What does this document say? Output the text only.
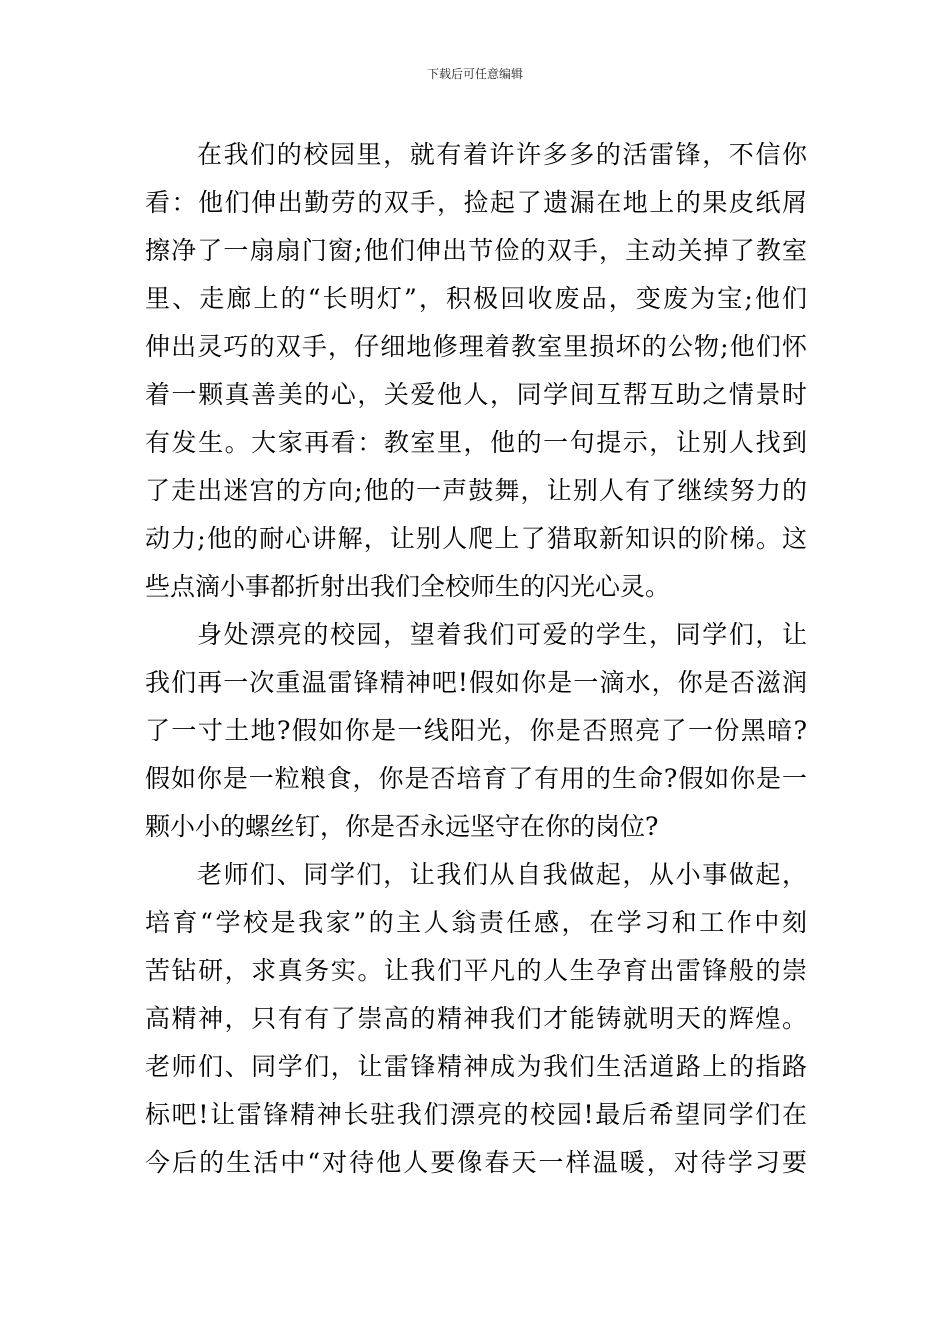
下载后可任意编辑
在我们的校园里，就有着许许多多的活雷锋，不信你
看：他们伸出勤劳的双手，捡起了遗漏在地上的果皮纸屑
擦净了一扇扇门窗;他们伸出节俭的双手，主动关掉了教室
里、走廊上的“长明灯”，积极回收废品，变废为宝;他们
伸出灵巧的双手，仔细地修理着教室里损坏的公物;他们怀
着一颗真善美的心，关爱他人，同学间互帮互助之情景时
有发生。大家再看：教室里，他的一句提示，让别人找到
了走出迷宫的方向;他的一声鼓舞，让别人有了继续努力的
动力;他的耐心讲解，让别人爬上了猎取新知识的阶梯。这
些点滴小事都折射出我们全校师生的闪光心灵。
身处漂亮的校园，望着我们可爱的学生，同学们，让
我们再一次重温雷锋精神吧!假如你是一滴水，你是否滋润
了一寸土地?假如你是一线阳光，你是否照亮了一份黑暗?
假如你是一粒粮食，你是否培育了有用的生命?假如你是一
颗小小的螺丝钉，你是否永远坚守在你的岗位?
老师们、同学们，让我们从自我做起，从小事做起，
培育“学校是我家”的主人翁责任感，在学习和工作中刻
苦钻研，求真务实。让我们平凡的人生孕育出雷锋般的崇
高精神，只有有了崇高的精神我们才能铸就明天的辉煌。
老师们、同学们，让雷锋精神成为我们生活道路上的指路
标吧!让雷锋精神长驻我们漂亮的校园!最后希望同学们在
今后的生活中“对待他人要像春天一样温暖，对待学习要
